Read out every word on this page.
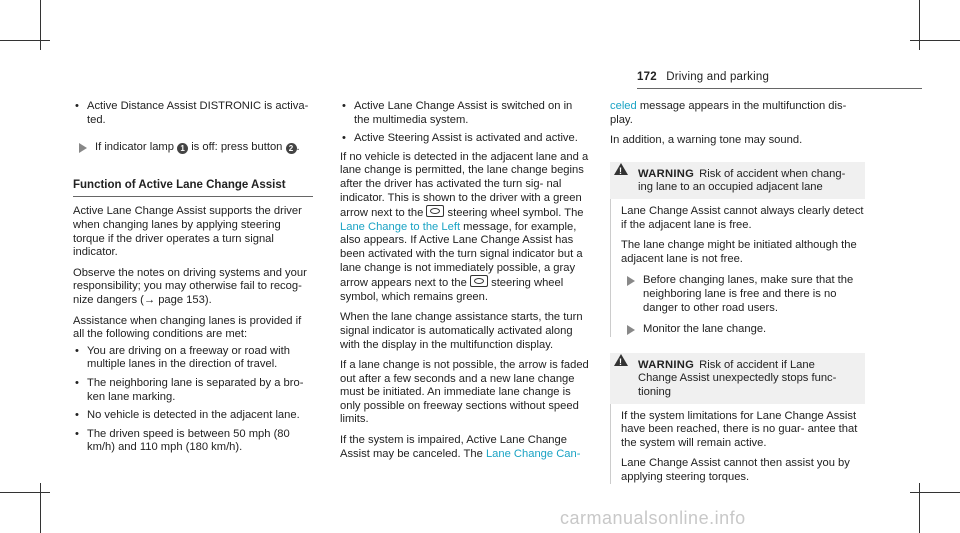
172 Driving and parking
• Active Distance Assist DISTRONIC is activa- ted.
If indicator lamp 1 is off: press button 2 .
Function of Active Lane Change Assist

Active Lane Change Assist supports the driver when changing lanes by applying steering torque if the driver operates a turn signal indicator.

Observe the notes on driving systems and your responsibility; you may otherwise fail to recog- nize dangers (→ page 153).

Assistance when changing lanes is provided if all the following conditions are met:

• You are driving on a freeway or road with multiple lanes in the direction of travel.
• The neighboring lane is separated by a bro- ken lane marking.
• No vehicle is detected in the adjacent lane.
• The driven speed is between 50 mph (80 km/h) and 110 mph (180 km/h).
• Active Lane Change Assist is switched on in the multimedia system.
• Active Steering Assist is activated and active.

If no vehicle is detected in the adjacent lane and a lane change is permitted, the lane change begins after the driver has activated the turn sig- nal indicator. This is shown to the driver with a green arrow next to the steering wheel symbol. The Lane Change to the Left message, for example, also appears. If Active Lane Change Assist has been activated with the turn signal indicator but a lane change is not immediately possible, a gray arrow appears next to the steering wheel symbol, which remains green.

When the lane change assistance starts, the turn signal indicator is automatically activated along with the display in the multifunction display.

If a lane change is not possible, the arrow is faded out after a few seconds and a new lane change must be initiated. An immediate lane change is only possible on freeway sections without speed limits.

If the system is impaired, Active Lane Change Assist may be canceled. The Lane Change Can-

celed message appears in the multifunction dis- play.

In addition, a warning tone may sound.

!
WARNING Risk of accident when chang- ing lane to an occupied adjacent lane

Lane Change Assist cannot always clearly detect if the adjacent lane is free.

The lane change might be initiated although the adjacent lane is not free.

Before changing lanes, make sure that the neighboring lane is free and there is no danger to other road users.
Monitor the lane change.
!
WARNING Risk of accident if Lane Change Assist unexpectedly stops func- tioning

If the system limitations for Lane Change Assist have been reached, there is no guar- antee that the system will remain active.

Lane Change Assist cannot then assist you by applying steering torques.

carmanualsonline.info
